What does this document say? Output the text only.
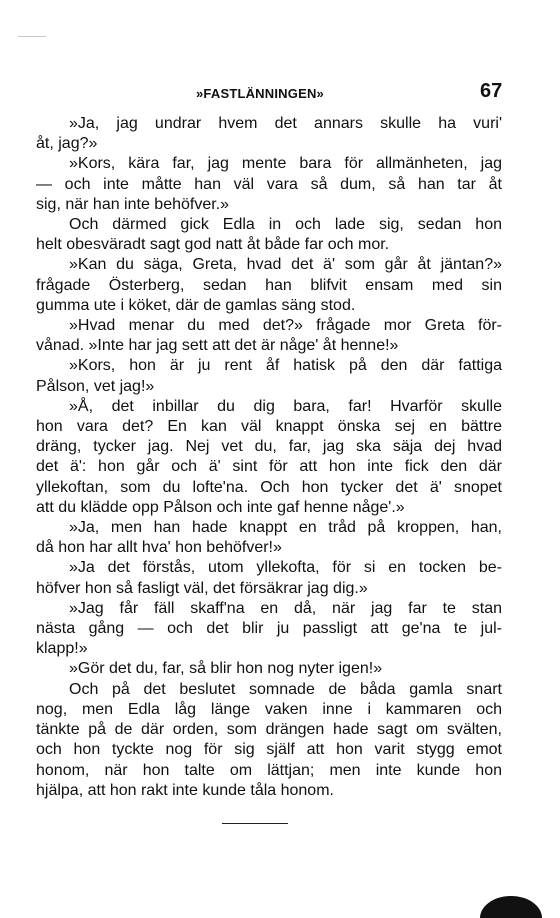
»FASTLÄNNINGEN»	67
»Ja, jag undrar hvem det annars skulle ha vuri'
åt, jag?»
»Kors, kära far, jag mente bara för allmänheten, jag
— och inte måtte han väl vara så dum, så han tar åt
sig, när han inte behöfver.»
Och därmed gick Edla in och lade sig, sedan hon
helt obesväradt sagt god natt åt både far och mor.
»Kan du säga, Greta, hvad det ä' som går åt jäntan?»
frågade Österberg, sedan han blifvit ensam med sin
gumma ute i köket, där de gamlas säng stod.
»Hvad menar du med det?» frågade mor Greta för-
vånad. »Inte har jag sett att det är någe' åt henne!»
»Kors, hon är ju rent åf hatisk på den där fattiga
Pålson, vet jag!»
»Å, det inbillar du dig bara, far! Hvarför skulle
hon vara det? En kan väl knappt önska sej en bättre
dräng, tycker jag. Nej vet du, far, jag ska säja dej hvad
det ä': hon går och ä' sint för att hon inte fick den där
yllekoftan, som du lofte'na. Och hon tycker det ä' snopet
att du klädde opp Pålson och inte gaf henne någe'.»
»Ja, men han hade knappt en tråd på kroppen, han,
då hon har allt hva' hon behöfver!»
»Ja det förstås, utom yllekofta, för si en tocken be-
höfver hon så fasligt väl, det försäkrar jag dig.»
»Jag får fäll skaff'na en då, när jag far te stan
nästa gång — och det blir ju passligt att ge'na te jul-
klapp!»
»Gör det du, far, så blir hon nog nyter igen!»
Och på det beslutet somnade de båda gamla snart
nog, men Edla låg länge vaken inne i kammaren och
tänkte på de där orden, som drängen hade sagt om svälten,
och hon tyckte nog för sig själf att hon varit stygg emot
honom, när hon talte om lättjan; men inte kunde hon
hjälpa, att hon rakt inte kunde tåla honom.
